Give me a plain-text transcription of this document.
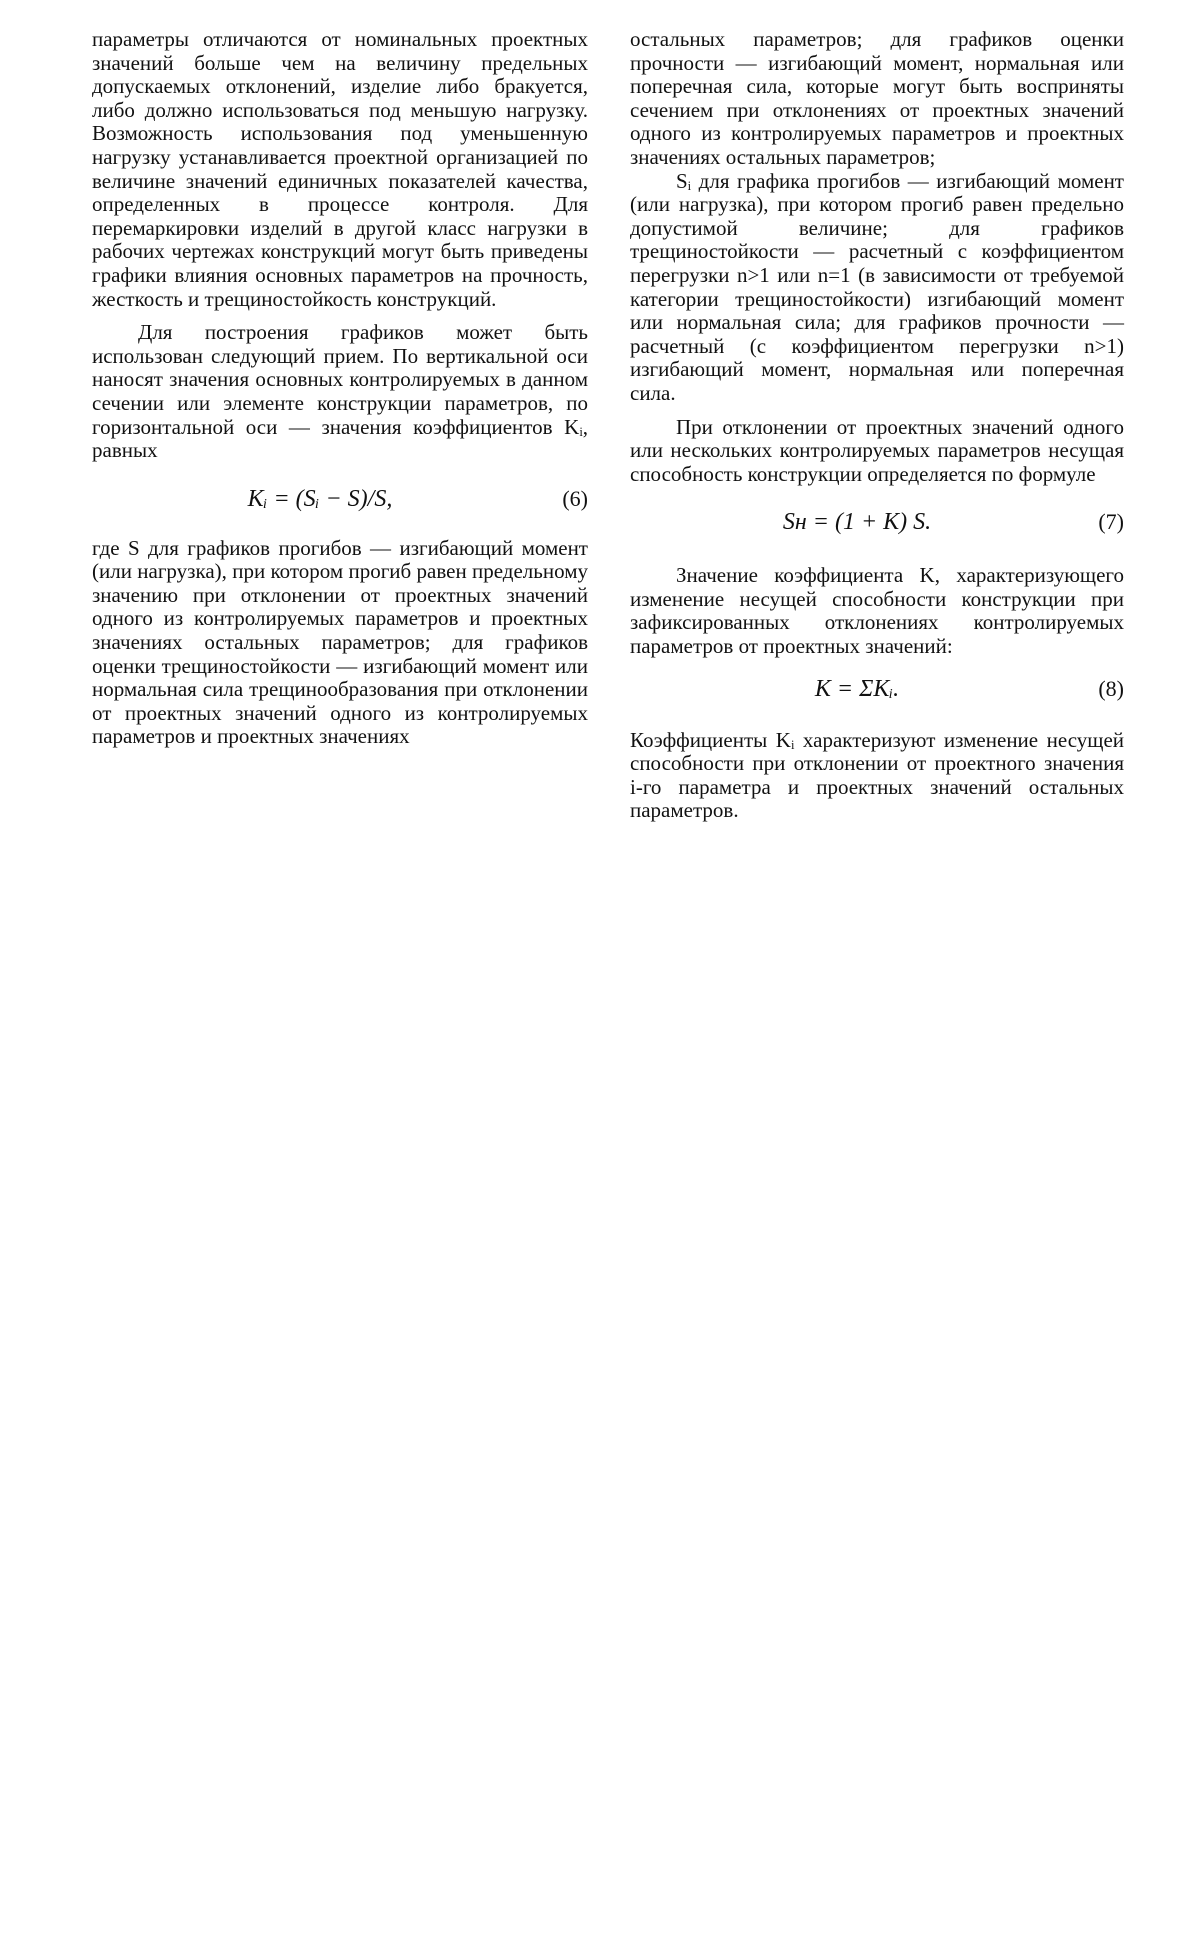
параметры отличаются от номинальных проектных значений больше чем на величину предельных допускаемых отклонений, изделие либо бракуется, либо должно использоваться под меньшую нагрузку. Возможность использования под уменьшенную нагрузку устанавливается проектной организацией по величине значений единичных показателей качества, определенных в процессе контроля. Для перемаркировки изделий в другой класс нагрузки в рабочих чертежах конструкций могут быть приведены графики влияния основных параметров на прочность, жесткость и трещиностойкость конструкций.

Для построения графиков может быть использован следующий прием. По вертикальной оси наносят значения основных контролируемых в данном сечении или элементе конструкции параметров, по горизонтальной оси — значения коэффициентов Kᵢ, равных

Kᵢ = (Sᵢ − S)/S,	(6)

где S для графиков прогибов — изгибающий момент (или нагрузка), при котором прогиб равен предельному значению при отклонении от проектных значений одного из контролируемых параметров и проектных значениях остальных параметров; для графиков оценки трещиностойкости — изгибающий момент или нормальная сила трещинообразования при отклонении от проектных значений одного из контролируемых параметров и проектных значениях

остальных параметров; для графиков оценки прочности — изгибающий момент, нормальная или поперечная сила, которые могут быть восприняты сечением при отклонениях от проектных значений одного из контролируемых параметров и проектных значениях остальных параметров;

Sᵢ для графика прогибов — изгибающий момент (или нагрузка), при котором прогиб равен предельно допустимой величине; для графиков трещиностойкости — расчетный с коэффициентом перегрузки n>1 или n=1 (в зависимости от требуемой категории трещиностойкости) изгибающий момент или нормальная сила; для графиков прочности — расчетный (с коэффициентом перегрузки n>1) изгибающий момент, нормальная или поперечная сила.

При отклонении от проектных значений одного или нескольких контролируемых параметров несущая способность конструкции определяется по формуле

Sн = (1 + K) S.	(7)

Значение коэффициента K, характеризующего изменение несущей способности конструкции при зафиксированных отклонениях контролируемых параметров от проектных значений:

K = ΣKᵢ.	(8)

Коэффициенты Kᵢ характеризуют изменение несущей способности при отклонении от проектного значения i-го параметра и проектных значений остальных параметров.
